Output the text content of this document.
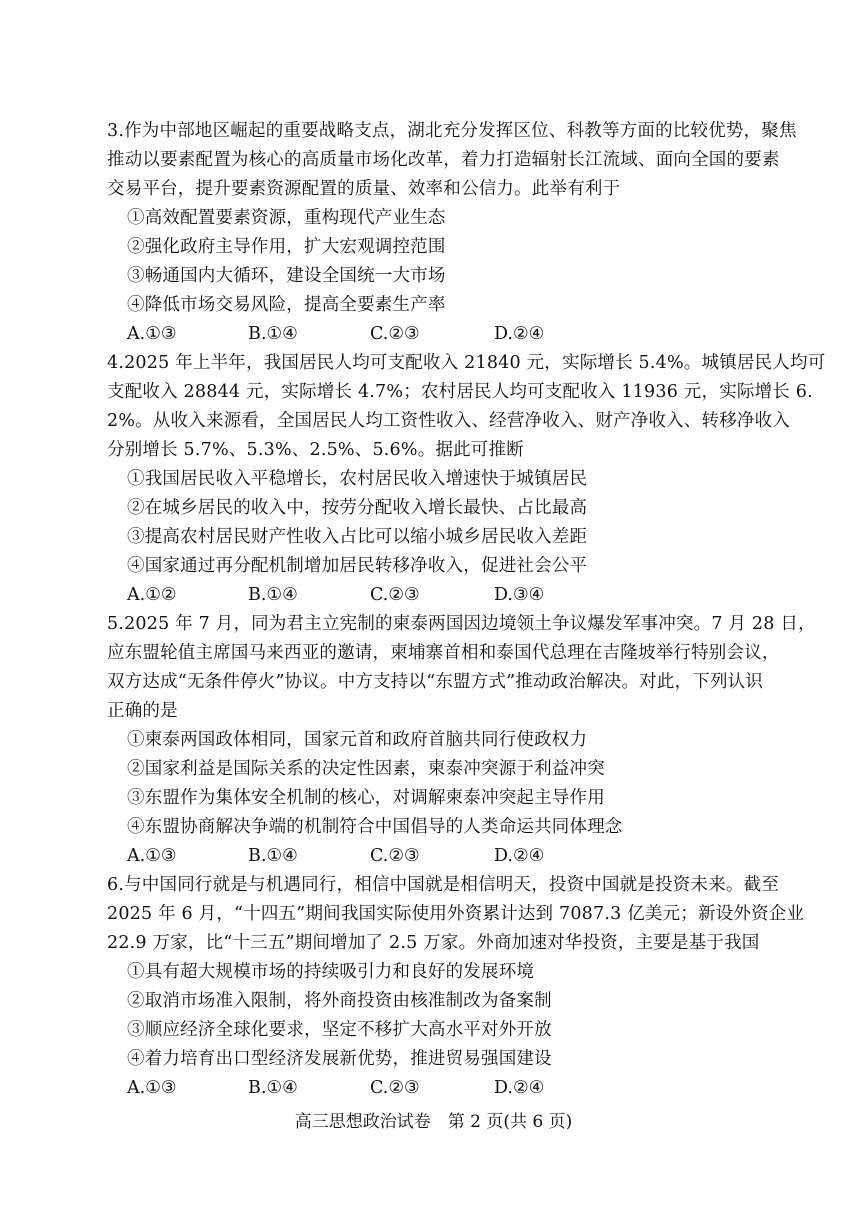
3.作为中部地区崛起的重要战略支点，湖北充分发挥区位、科教等方面的比较优势，聚焦
推动以要素配置为核心的高质量市场化改革，着力打造辐射长江流域、面向全国的要素
交易平台，提升要素资源配置的质量、效率和公信力。此举有利于
①高效配置要素资源，重构现代产业生态
②强化政府主导作用，扩大宏观调控范围
③畅通国内大循环，建设全国统一大市场
④降低市场交易风险，提高全要素生产率
A.①③	B.①④	C.②③	D.②④
4.2025 年上半年，我国居民人均可支配收入 21840 元，实际增长 5.4%。城镇居民人均可
支配收入 28844 元，实际增长 4.7%；农村居民人均可支配收入 11936 元，实际增长 6.
2%。从收入来源看，全国居民人均工资性收入、经营净收入、财产净收入、转移净收入
分别增长 5.7%、5.3%、2.5%、5.6%。据此可推断
①我国居民收入平稳增长，农村居民收入增速快于城镇居民
②在城乡居民的收入中，按劳分配收入增长最快、占比最高
③提高农村居民财产性收入占比可以缩小城乡居民收入差距
④国家通过再分配机制增加居民转移净收入，促进社会公平
A.①②	B.①④	C.②③	D.③④
5.2025 年 7 月，同为君主立宪制的柬泰两国因边境领土争议爆发军事冲突。7 月 28 日，
应东盟轮值主席国马来西亚的邀请，柬埔寨首相和泰国代总理在吉隆坡举行特别会议，
双方达成“无条件停火”协议。中方支持以“东盟方式”推动政治解决。对此，下列认识
正确的是
①柬泰两国政体相同，国家元首和政府首脑共同行使政权力
②国家利益是国际关系的决定性因素，柬泰冲突源于利益冲突
③东盟作为集体安全机制的核心，对调解柬泰冲突起主导作用
④东盟协商解决争端的机制符合中国倡导的人类命运共同体理念
A.①③	B.①④	C.②③	D.②④
6.与中国同行就是与机遇同行，相信中国就是相信明天，投资中国就是投资未来。截至
2025 年 6 月，“十四五”期间我国实际使用外资累计达到 7087.3 亿美元；新设外资企业
22.9 万家，比“十三五”期间增加了 2.5 万家。外商加速对华投资，主要是基于我国
①具有超大规模市场的持续吸引力和良好的发展环境
②取消市场准入限制，将外商投资由核准制改为备案制
③顺应经济全球化要求，坚定不移扩大高水平对外开放
④着力培育出口型经济发展新优势，推进贸易强国建设
A.①③	B.①④	C.②③	D.②④
高三思想政治试卷　第 2 页(共 6 页)
